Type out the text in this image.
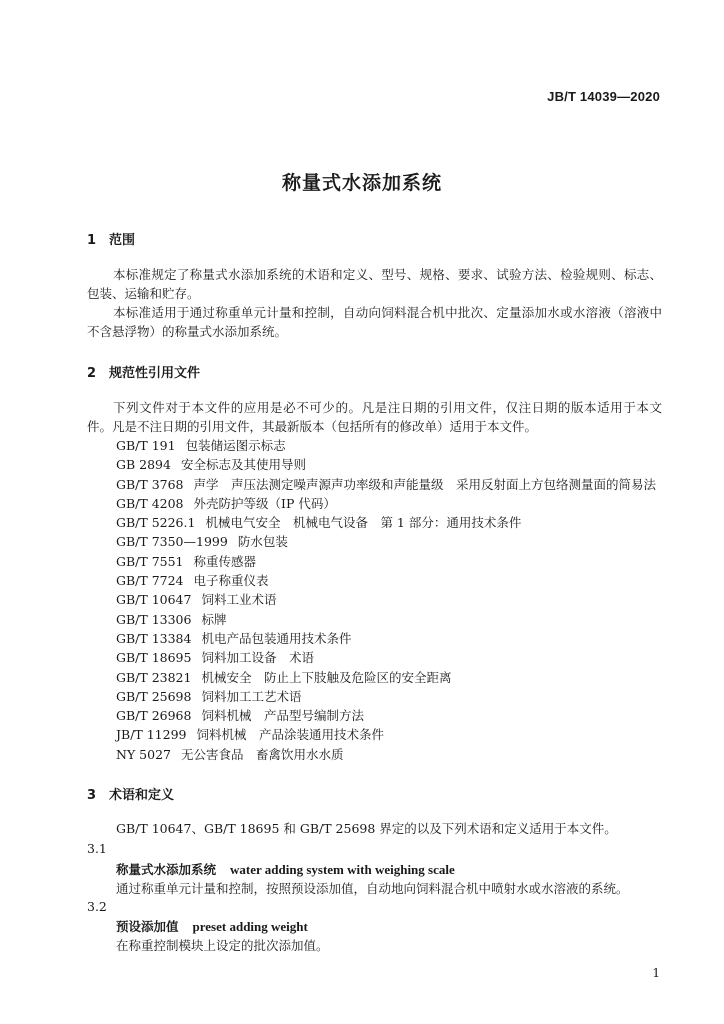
JB/T 14039—2020
称量式水添加系统
1 范围

本标准规定了称量式水添加系统的术语和定义、型号、规格、要求、试验方法、检验规则、标志、包装、运输和贮存。

本标准适用于通过称重单元计量和控制，自动向饲料混合机中批次、定量添加水或水溶液（溶液中不含悬浮物）的称量式水添加系统。

2 规范性引用文件

下列文件对于本文件的应用是必不可少的。凡是注日期的引用文件，仅注日期的版本适用于本文件。凡是不注日期的引用文件，其最新版本（包括所有的修改单）适用于本文件。

GB/T 191 包装储运图示标志
GB 2894 安全标志及其使用导则
GB/T 3768 声学　声压法测定噪声源声功率级和声能量级　采用反射面上方包络测量面的简易法
GB/T 4208 外壳防护等级（IP 代码）
GB/T 5226.1 机械电气安全　机械电气设备　第 1 部分：通用技术条件
GB/T 7350—1999 防水包装
GB/T 7551 称重传感器
GB/T 7724 电子称重仪表
GB/T 10647 饲料工业术语
GB/T 13306 标牌
GB/T 13384 机电产品包装通用技术条件
GB/T 18695 饲料加工设备　术语
GB/T 23821 机械安全　防止上下肢触及危险区的安全距离
GB/T 25698 饲料加工工艺术语
GB/T 26968 饲料机械　产品型号编制方法
JB/T 11299 饲料机械　产品涂装通用技术条件
NY 5027 无公害食品　畜禽饮用水水质
3 术语和定义
GB/T 10647、GB/T 18695 和 GB/T 25698 界定的以及下列术语和定义适用于本文件。
3.1
称量式水添加系统 water adding system with weighing scale
通过称重单元计量和控制，按照预设添加值，自动地向饲料混合机中喷射水或水溶液的系统。
3.2
预设添加值 preset adding weight
在称重控制模块上设定的批次添加值。
1
